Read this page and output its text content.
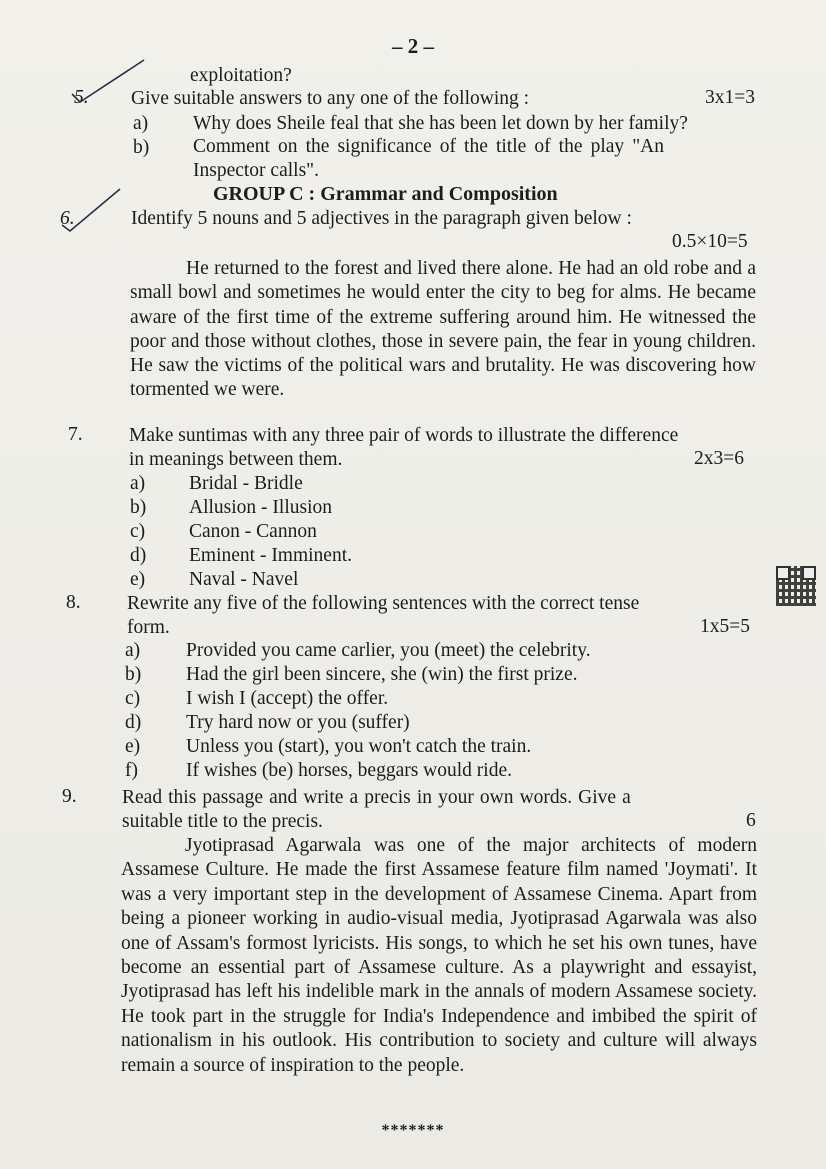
– 2 –
exploitation?
5. Give suitable answers to any one of the following :	3x1=3
a) Why does Sheile feal that she has been let down by her family?
b) Comment on the significance of the title of the play "An
Inspector calls".
GROUP C : Grammar and Composition
6.	Identify 5 nouns and 5 adjectives in the paragraph given below :
0.5×10=5
He returned to the forest and lived there alone. He had an old robe and a small bowl and sometimes he would enter the city to beg for alms. He became aware of the first time of the extreme suffering around him. He witnessed the poor and those without clothes, those in severe pain, the fear in young children. He saw the victims of the political wars and brutality. He was discovering how tormented we were.
7. Make suntimas with any three pair of words to illustrate the difference
in meanings between them.	2x3=6
a) Bridal - Bridle
b) Allusion - Illusion
c) Canon - Cannon
d) Eminent - Imminent.
e) Naval - Navel
8. Rewrite any five of the following sentences with the correct tense
form.	1x5=5
a) Provided you came carlier, you (meet) the celebrity.
b) Had the girl been sincere, she (win) the first prize.
c) I wish I (accept) the offer.
d) Try hard now or you (suffer)
e) Unless you (start), you won't catch the train.
f) If wishes (be) horses, beggars would ride.
9. Read this passage and write a precis in your own words. Give a
suitable title to the precis.	6
Jyotiprasad Agarwala was one of the major architects of modern Assamese Culture. He made the first Assamese feature film named 'Joymati'. It was a very important step in the development of Assamese Cinema. Apart from being a pioneer working in audio-visual media, Jyotiprasad Agarwala was also one of Assam's formost lyricists. His songs, to which he set his own tunes, have become an essential part of Assamese culture. As a playwright and essayist, Jyotiprasad has left his indelible mark in the annals of modern Assamese society. He took part in the struggle for India's Independence and imbibed the spirit of nationalism in his outlook. His contribution to society and culture will always remain a source of inspiration to the people.
*******
